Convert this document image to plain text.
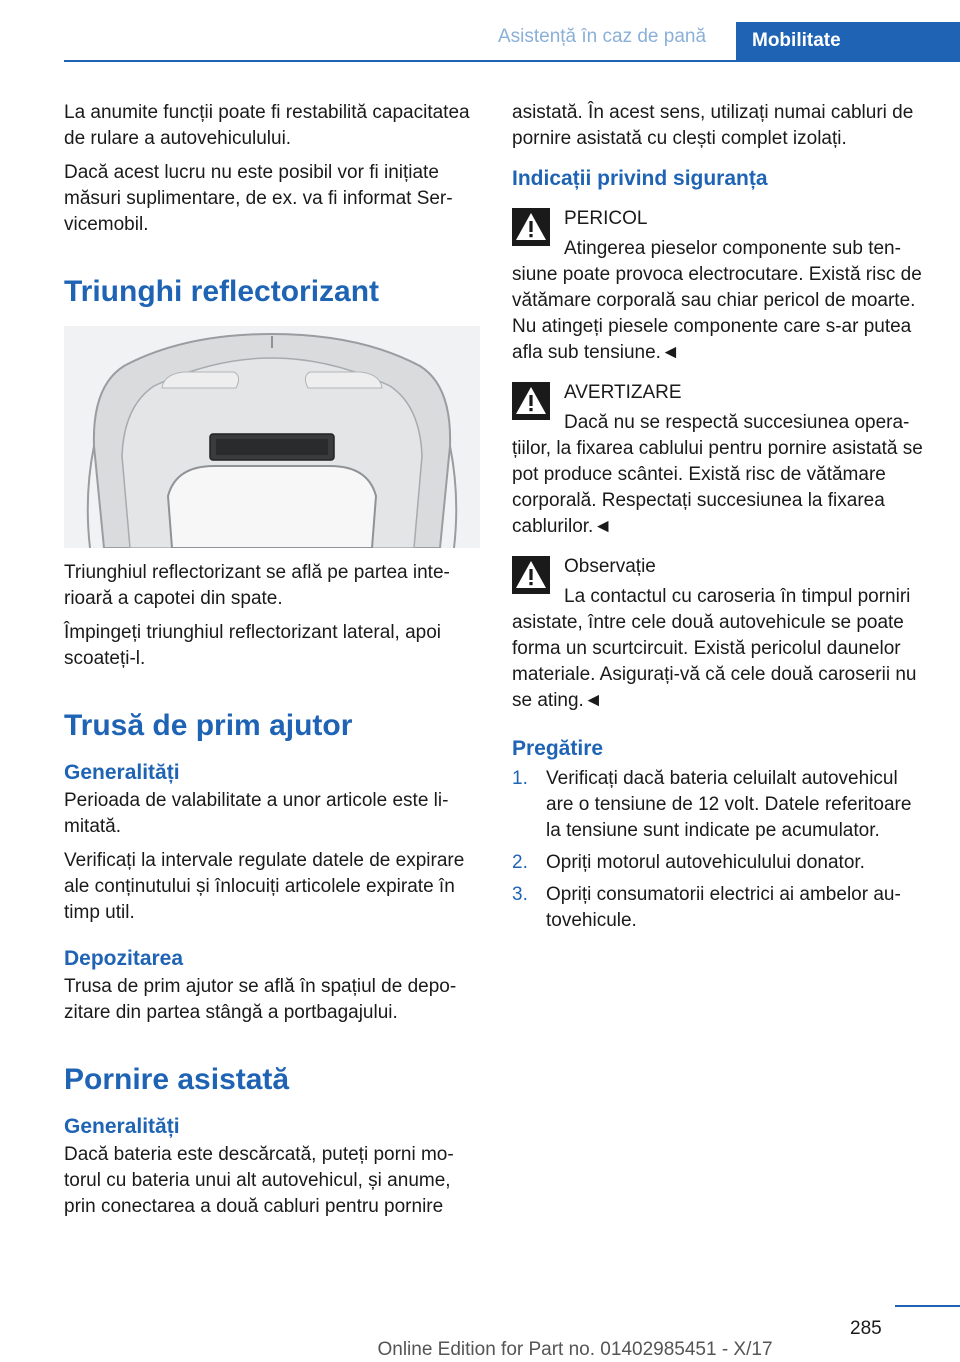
Asistență în caz de pană	Mobilitate

La anumite funcții poate fi restabilită capacitatea de rulare a autovehiculului.

Dacă acest lucru nu este posibil vor fi inițiate măsuri suplimentare, de ex. va fi informat Servicemobil.

Triunghi reflectorizant

Triunghiul reflectorizant se află pe partea interioară a capotei din spate.

Împingeți triunghiul reflectorizant lateral, apoi scoateți-l.

Trusă de prim ajutor
Generalități

Perioada de valabilitate a unor articole este limitată.

Verificați la intervale regulate datele de expirare ale conținutului și înlocuiți articolele expirate în timp util.

Depozitarea

Trusa de prim ajutor se află în spațiul de depozitare din partea stângă a portbagajului.

Pornire asistată
Generalități

Dacă bateria este descărcată, puteți porni motorul cu bateria unui alt autovehicul, și anume, prin conectarea a două cabluri pentru pornire

asistată. În acest sens, utilizați numai cabluri de pornire asistată cu clești complet izolați.

Indicații privind siguranța
PERICOL

Atingerea pieselor componente sub tensiune poate provoca electrocutare. Există risc de vătămare corporală sau chiar pericol de moarte. Nu atingeți piesele componente care s-ar putea afla sub tensiune.◄

AVERTIZARE

Dacă nu se respectă succesiunea operațiilor, la fixarea cablului pentru pornire asistată se pot produce scântei. Există risc de vătămare corporală. Respectați succesiunea la fixarea cablurilor.◄

Observație

La contactul cu caroseria în timpul porniri asistate, între cele două autovehicule se poate forma un scurtcircuit. Există pericolul daunelor materiale. Asigurați-vă că cele două caroserii nu se ating.◄

Pregătire
1. Verificați dacă bateria celuilalt autovehicul are o tensiune de 12 volt. Datele referitoare la tensiune sunt indicate pe acumulator.
2. Opriți motorul autovehiculului donator.
3. Opriți consumatorii electrici ai ambelor autovehicule.
285
Online Edition for Part no. 01402985451 - X/17
